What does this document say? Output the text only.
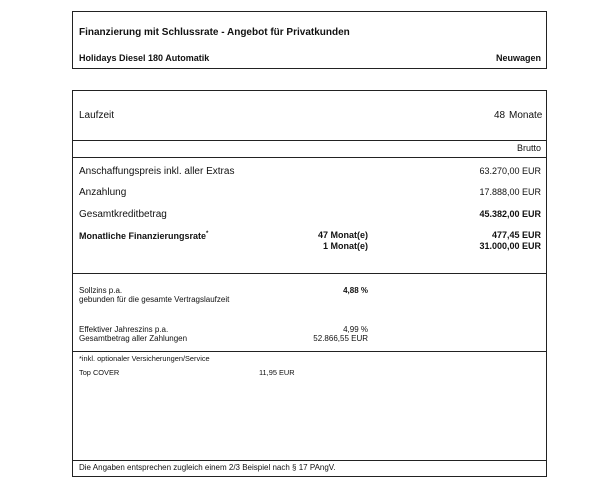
Finanzierung mit Schlussrate - Angebot für Privatkunden
Holidays Diesel 180 Automatik	Neuwagen
Laufzeit	48 Monate
Brutto
Anschaffungspreis inkl. aller Extras	63.270,00 EUR
Anzahlung	17.888,00 EUR
Gesamtkreditbetrag	45.382,00 EUR
Monatliche Finanzierungsrate*	47 Monat(e)	477,45 EUR
1 Monat(e)	31.000,00 EUR
Sollzins p.a.	4,88 %
gebunden für die gesamte Vertragslaufzeit
Effektiver Jahreszins p.a.	4,99 %
Gesamtbetrag aller Zahlungen	52.866,55 EUR
*inkl. optionaler Versicherungen/Service
Top COVER	11,95 EUR
Die Angaben entsprechen zugleich einem 2/3 Beispiel nach § 17 PAngV.
